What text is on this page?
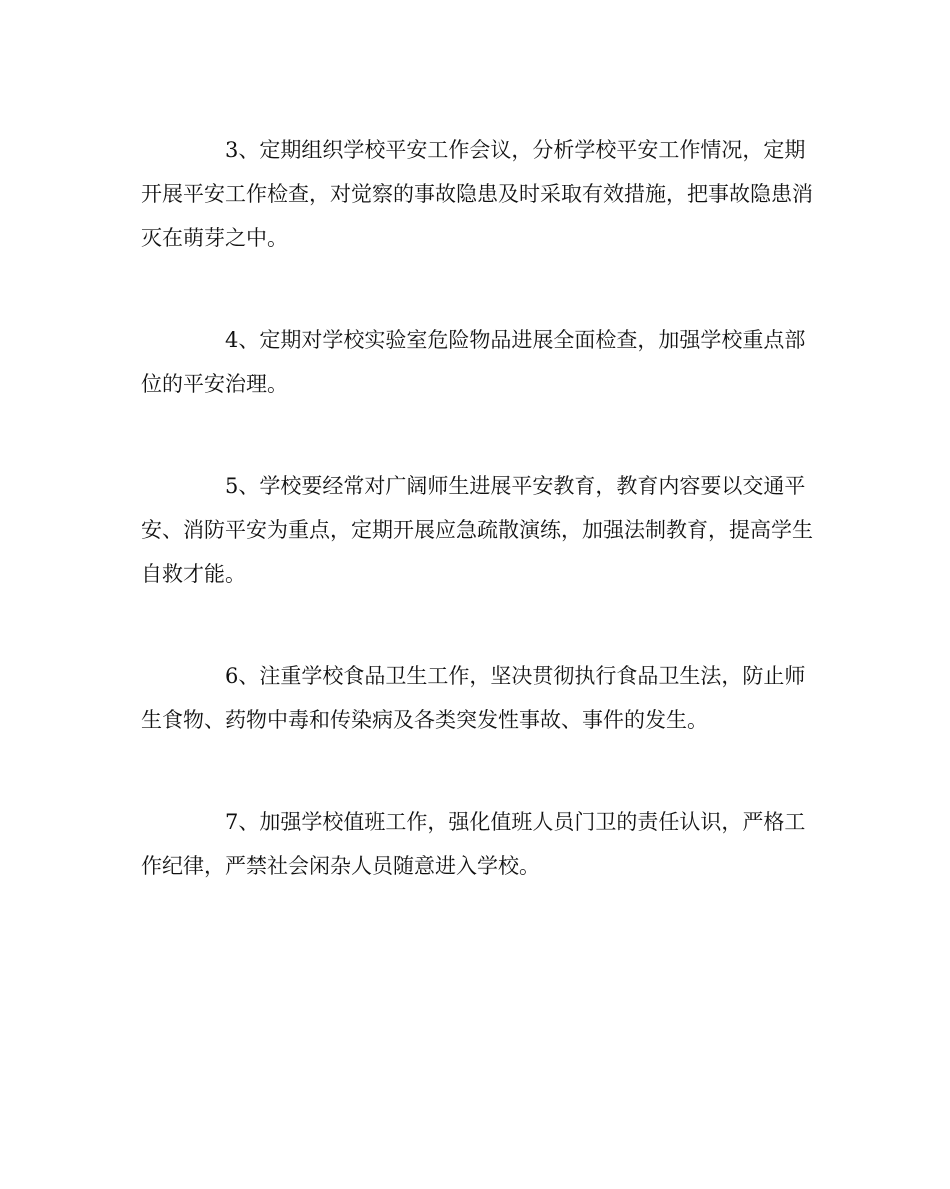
3、定期组织学校平安工作会议，分析学校平安工作情况，定期开展平安工作检查，对觉察的事故隐患及时采取有效措施，把事故隐患消灭在萌芽之中。

4、定期对学校实验室危险物品进展全面检查，加强学校重点部位的平安治理。

5、学校要经常对广阔师生进展平安教育，教育内容要以交通平安、消防平安为重点，定期开展应急疏散演练，加强法制教育，提高学生自救才能。

6、注重学校食品卫生工作，坚决贯彻执行食品卫生法，防止师生食物、药物中毒和传染病及各类突发性事故、事件的发生。

7、加强学校值班工作，强化值班人员门卫的责任认识，严格工作纪律，严禁社会闲杂人员随意进入学校。
